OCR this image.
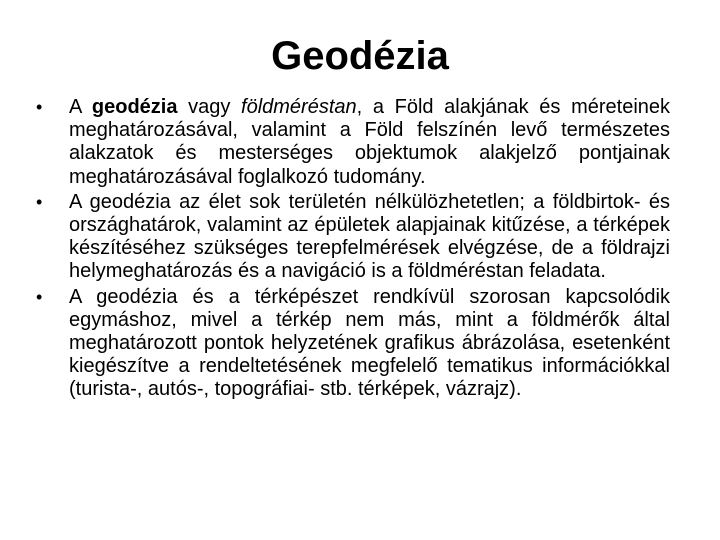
Geodézia
•	A geodézia vagy földméréstan, a Föld alakjának és méreteinek meghatározásával, valamint a Föld felszínén levő természetes alakzatok és mesterséges objektumok alakjelző pontjainak meghatározásával foglalkozó tudomány.
•	A geodézia az élet sok területén nélkülözhetetlen; a földbirtok- és országhatárok, valamint az épületek alapjainak kitűzése, a térképek készítéséhez szükséges terepfelmérések elvégzése, de a földrajzi helymeghatározás és a navigáció is a földméréstan feladata.
•	A geodézia és a térképészet rendkívül szorosan kapcsolódik egymáshoz, mivel a térkép nem más, mint a földmérők által meghatározott pontok helyzetének grafikus ábrázolása, esetenként kiegészítve a rendeltetésének megfelelő tematikus információkkal (turista-, autós-, topográfiai- stb. térképek, vázrajz).
